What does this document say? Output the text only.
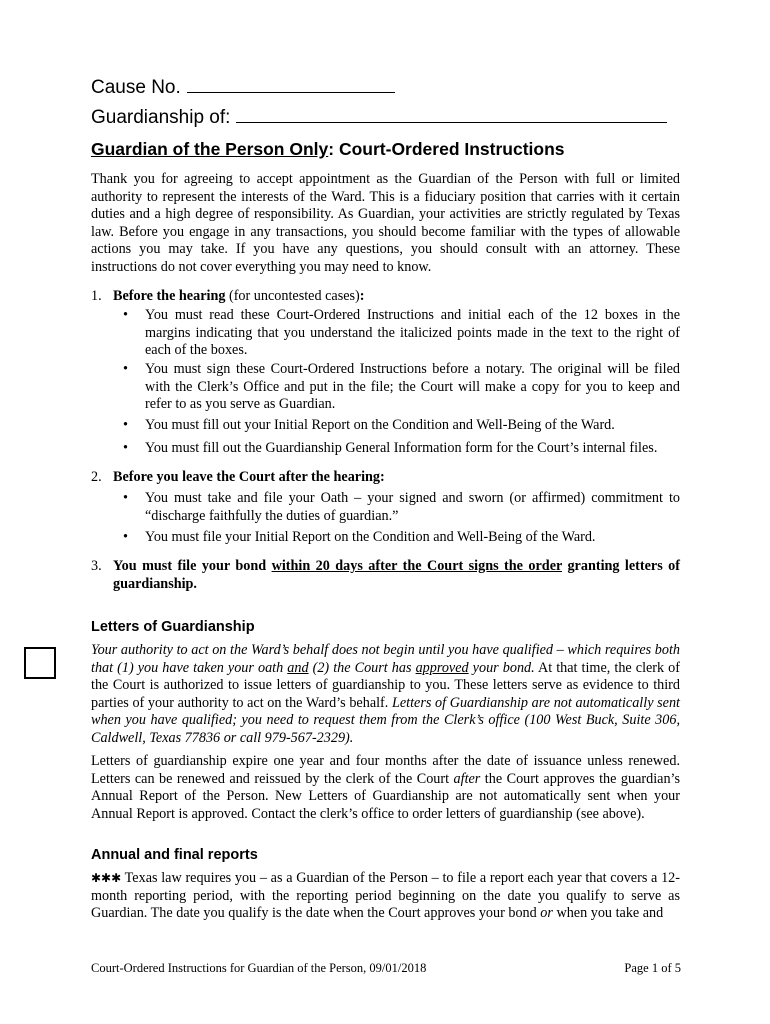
Cause No.
Guardianship of:
Guardian of the Person Only: Court-Ordered Instructions

Thank you for agreeing to accept appointment as the Guardian of the Person with full or limited authority to represent the interests of the Ward. This is a fiduciary position that carries with it certain duties and a high degree of responsibility. As Guardian, your activities are strictly regulated by Texas law. Before you engage in any transactions, you should become familiar with the types of allowable actions you may take. If you have any questions, you should consult with an attorney. These instructions do not cover everything you may need to know.

1. Before the hearing (for uncontested cases):
• You must read these Court-Ordered Instructions and initial each of the 12 boxes in the margins indicating that you understand the italicized points made in the text to the right of each of the boxes.
• You must sign these Court-Ordered Instructions before a notary. The original will be filed with the Clerk’s Office and put in the file; the Court will make a copy for you to keep and refer to as you serve as Guardian.
• You must fill out your Initial Report on the Condition and Well-Being of the Ward.
• You must fill out the Guardianship General Information form for the Court’s internal files.
2. Before you leave the Court after the hearing:
• You must take and file your Oath – your signed and sworn (or affirmed) commitment to “discharge faithfully the duties of guardian.”
• You must file your Initial Report on the Condition and Well-Being of the Ward.
3. You must file your bond within 20 days after the Court signs the order granting letters of guardianship.
Letters of Guardianship

Your authority to act on the Ward’s behalf does not begin until you have qualified – which requires both that (1) you have taken your oath and (2) the Court has approved your bond. At that time, the clerk of the Court is authorized to issue letters of guardianship to you. These letters serve as evidence to third parties of your authority to act on the Ward’s behalf. Letters of Guardianship are not automatically sent when you have qualified; you need to request them from the Clerk’s office (100 West Buck, Suite 306, Caldwell, Texas 77836 or call 979-567-2329).

Letters of guardianship expire one year and four months after the date of issuance unless renewed. Letters can be renewed and reissued by the clerk of the Court after the Court approves the guardian’s Annual Report of the Person. New Letters of Guardianship are not automatically sent when your Annual Report is approved. Contact the clerk’s office to order letters of guardianship (see above).

Annual and final reports

✱✱✱ Texas law requires you – as a Guardian of the Person – to file a report each year that covers a 12-month reporting period, with the reporting period beginning on the date you qualify to serve as Guardian. The date you qualify is the date when the Court approves your bond or when you take and

Court-Ordered Instructions for Guardian of the Person, 09/01/2018	Page 1 of 5
